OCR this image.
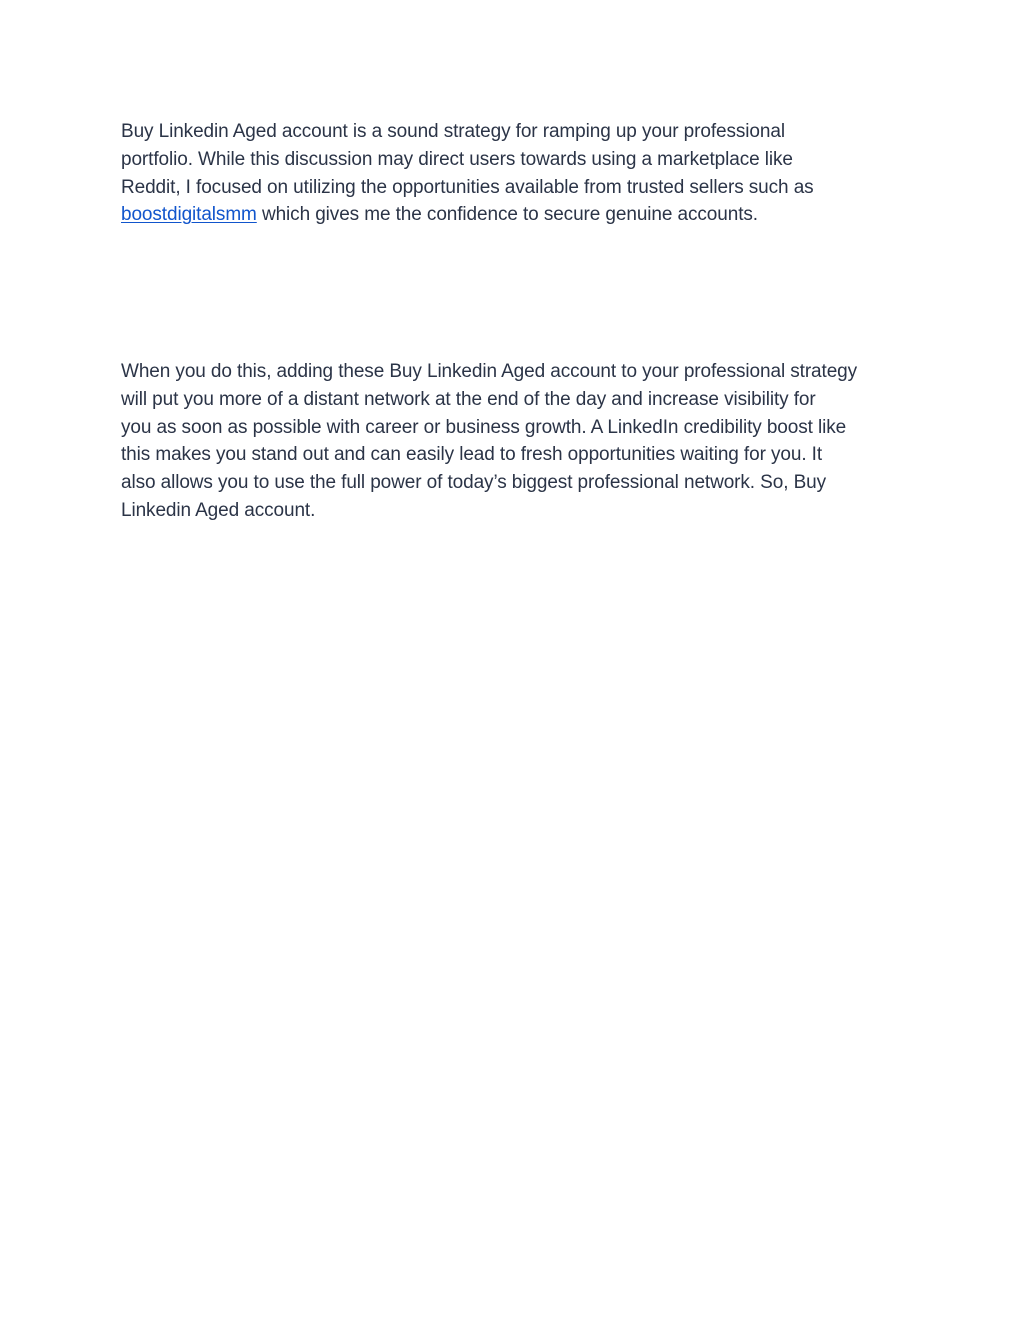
Buy Linkedin Aged account is a sound strategy for ramping up your professional
portfolio. While this discussion may direct users towards using a marketplace like
Reddit, I focused on utilizing the opportunities available from trusted sellers such as
boostdigitalsmm which gives me the confidence to secure genuine accounts.

When you do this, adding these Buy Linkedin Aged account to your professional strategy
will put you more of a distant network at the end of the day and increase visibility for
you as soon as possible with career or business growth. A LinkedIn credibility boost like
this makes you stand out and can easily lead to fresh opportunities waiting for you. It
also allows you to use the full power of today’s biggest professional network. So, Buy
Linkedin Aged account.
